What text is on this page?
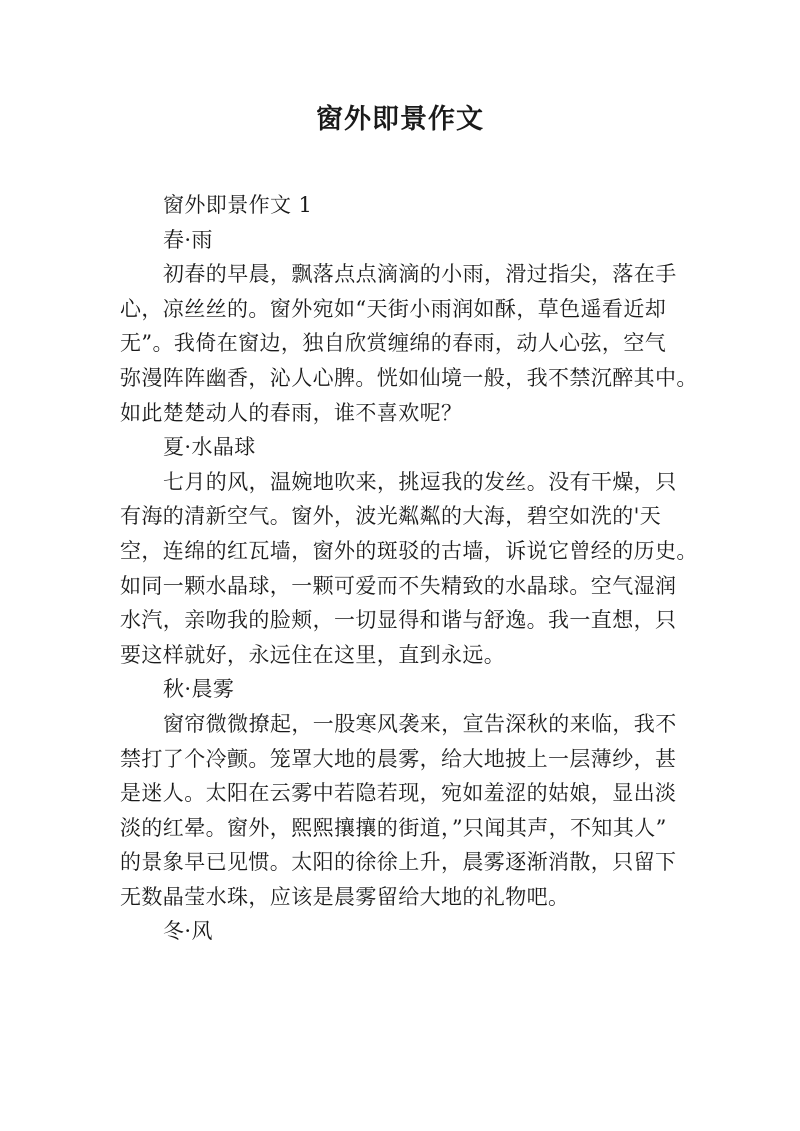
窗外即景作文
窗外即景作文 1
春·雨
初春的早晨，飘落点点滴滴的小雨，滑过指尖，落在手
心，凉丝丝的。窗外宛如“天街小雨润如酥，草色遥看近却
无”。我倚在窗边，独自欣赏缠绵的春雨，动人心弦，空气
弥漫阵阵幽香，沁人心脾。恍如仙境一般，我不禁沉醉其中。
如此楚楚动人的春雨，谁不喜欢呢？
夏·水晶球
七月的风，温婉地吹来，挑逗我的发丝。没有干燥，只
有海的清新空气。窗外，波光粼粼的大海，碧空如洗的'天
空，连绵的红瓦墙，窗外的斑驳的古墙，诉说它曾经的历史。
如同一颗水晶球，一颗可爱而不失精致的水晶球。空气湿润
水汽，亲吻我的脸颊，一切显得和谐与舒逸。我一直想，只
要这样就好，永远住在这里，直到永远。
秋·晨雾
窗帘微微撩起，一股寒风袭来，宣告深秋的来临，我不
禁打了个冷颤。笼罩大地的晨雾，给大地披上一层薄纱，甚
是迷人。太阳在云雾中若隐若现，宛如羞涩的姑娘，显出淡
淡的红晕。窗外，熙熙攘攘的街道，”只闻其声，不知其人”
的景象早已见惯。太阳的徐徐上升，晨雾逐渐消散，只留下
无数晶莹水珠，应该是晨雾留给大地的礼物吧。
冬·风
